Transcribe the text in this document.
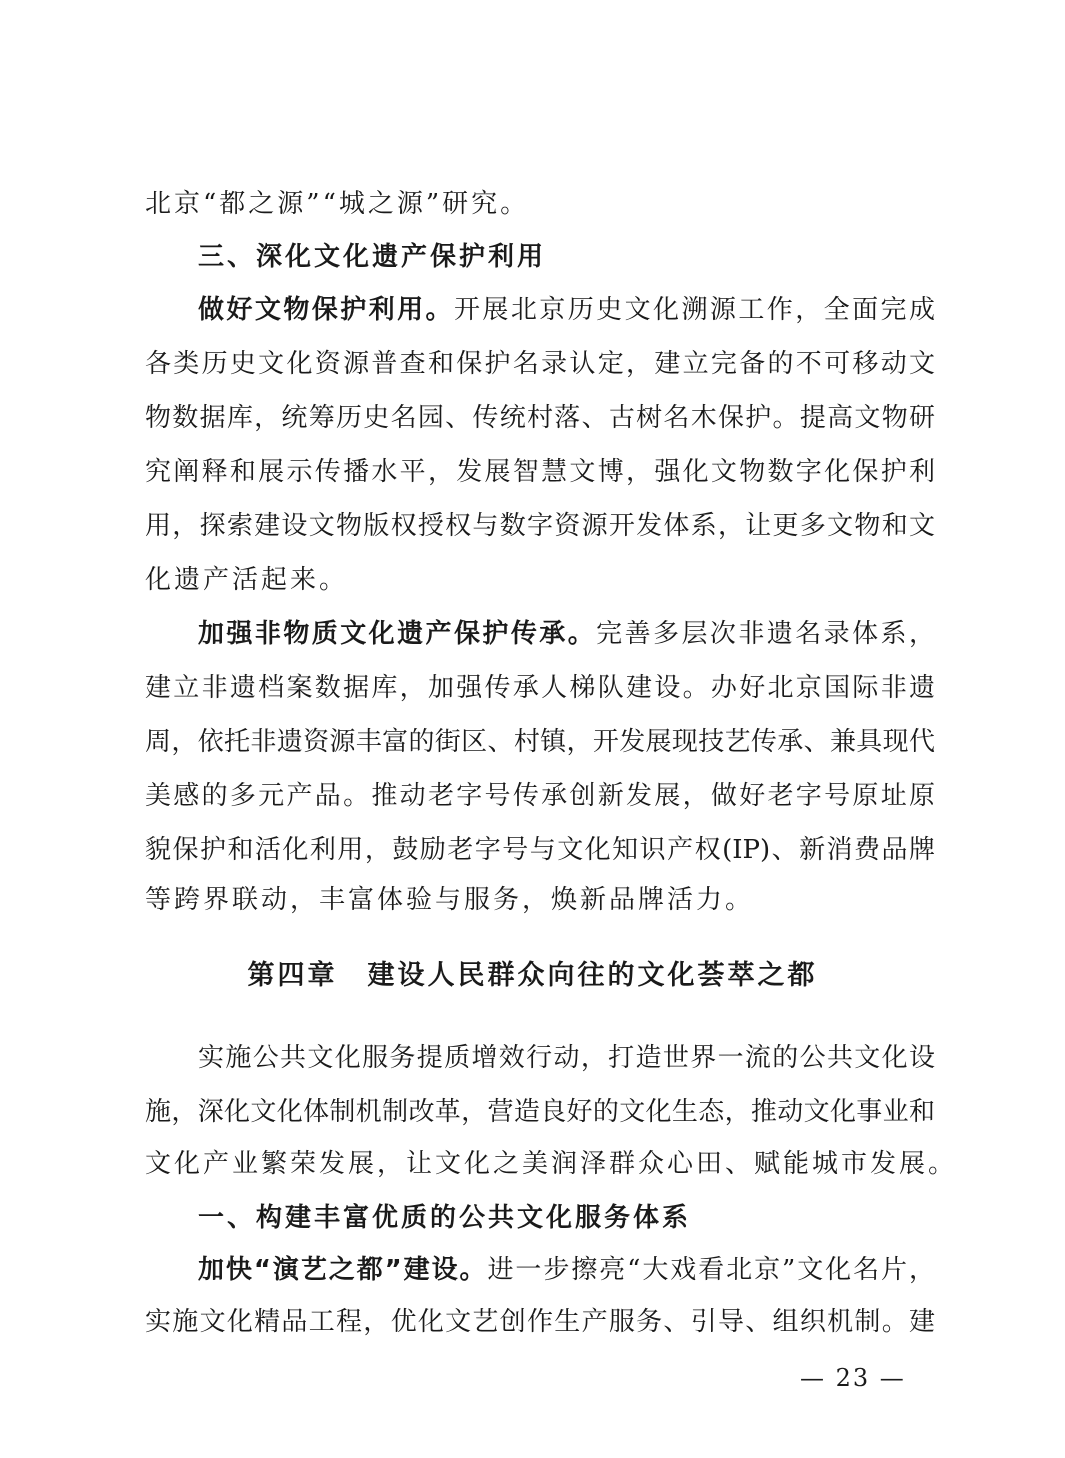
北京“都之源”“城之源”研究。
三、深化文化遗产保护利用
做好文物保护利用。开展北京历史文化溯源工作，全面完成
各类历史文化资源普查和保护名录认定，建立完备的不可移动文
物数据库，统筹历史名园、传统村落、古树名木保护。提高文物研
究阐释和展示传播水平，发展智慧文博，强化文物数字化保护利
用，探索建设文物版权授权与数字资源开发体系，让更多文物和文
化遗产活起来。
加强非物质文化遗产保护传承。完善多层次非遗名录体系，
建立非遗档案数据库，加强传承人梯队建设。办好北京国际非遗
周，依托非遗资源丰富的街区、村镇，开发展现技艺传承、兼具现代
美感的多元产品。推动老字号传承创新发展，做好老字号原址原
貌保护和活化利用，鼓励老字号与文化知识产权(IP)、新消费品牌
等跨界联动，丰富体验与服务，焕新品牌活力。
第四章　建设人民群众向往的文化荟萃之都
实施公共文化服务提质增效行动，打造世界一流的公共文化设
施，深化文化体制机制改革，营造良好的文化生态，推动文化事业和
文化产业繁荣发展，让文化之美润泽群众心田、赋能城市发展。
一、构建丰富优质的公共文化服务体系
加快“演艺之都”建设。进一步擦亮“大戏看北京”文化名片，
实施文化精品工程，优化文艺创作生产服务、引导、组织机制。建
— 23 —
